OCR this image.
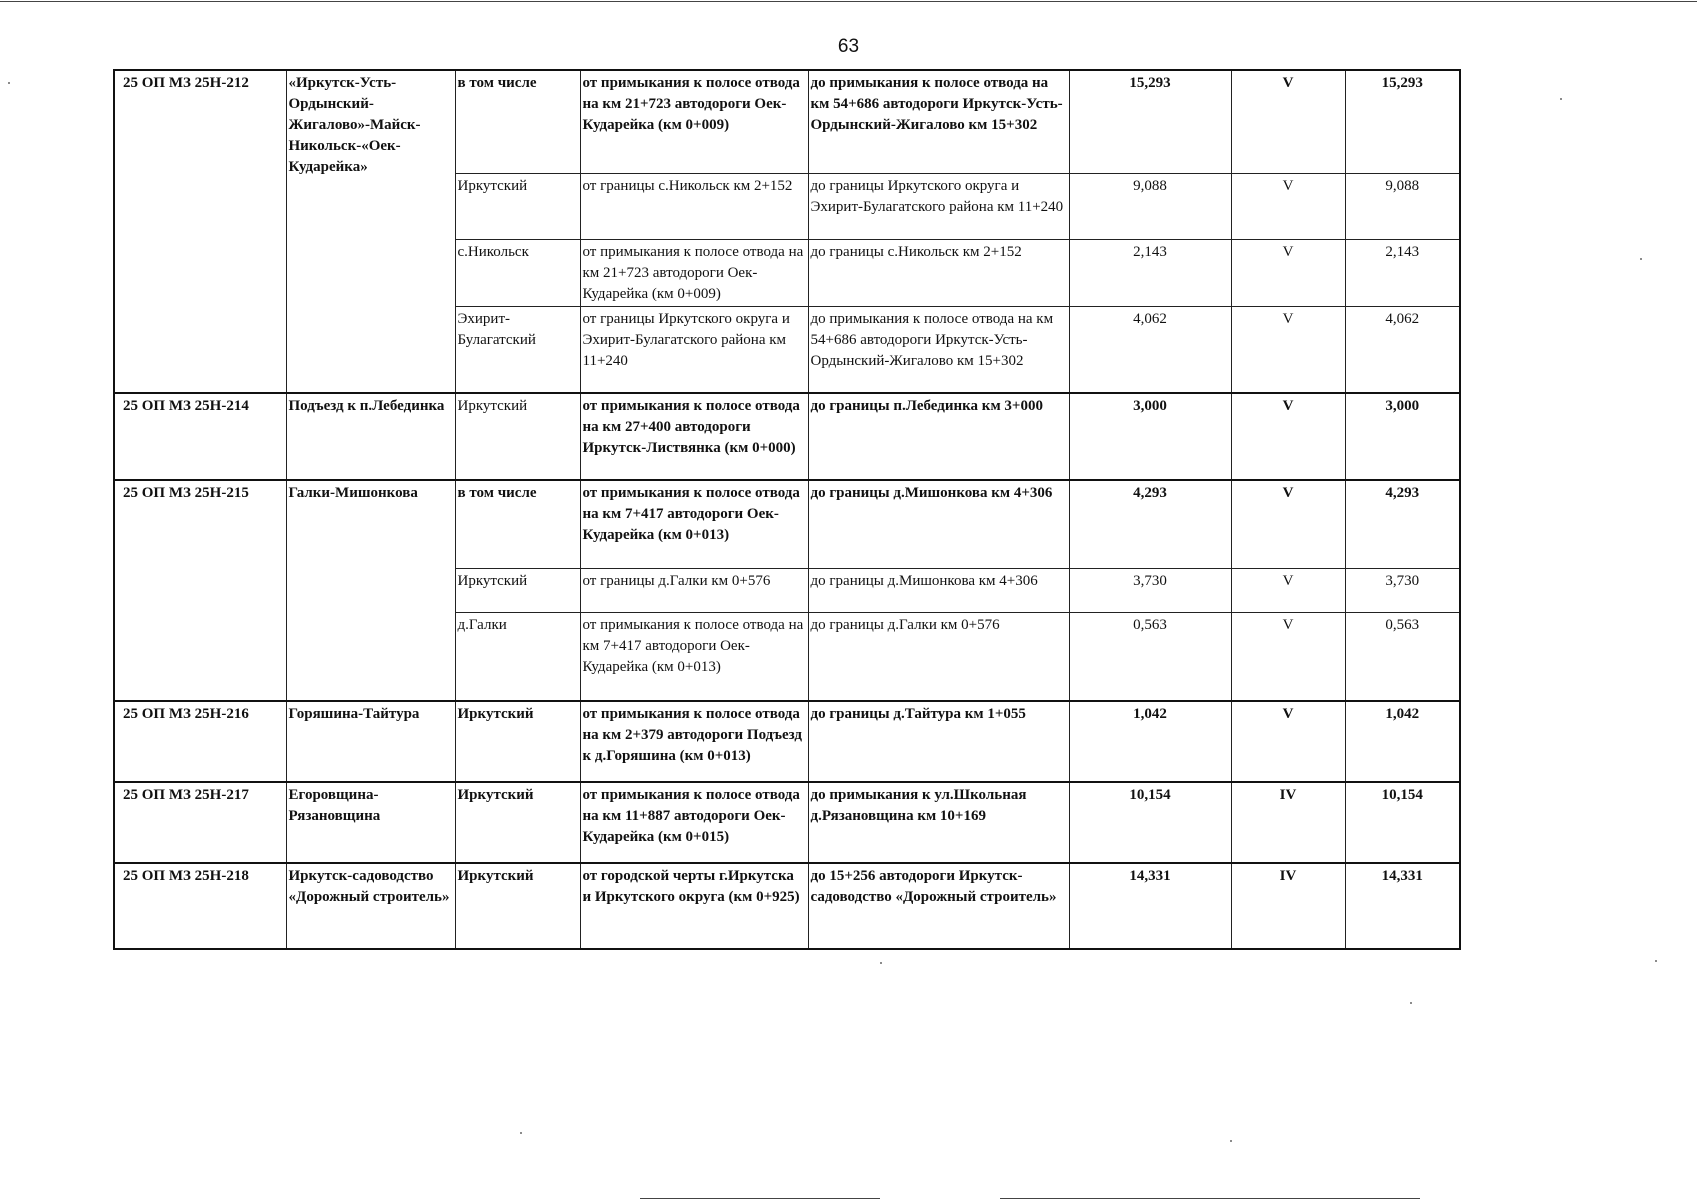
63
25 ОП МЗ 25Н-212	«Иркутск-Усть-Ордынский-Жигалово»-Майск-Никольск-«Оек-Кударейка»	в том числе	от примыкания к полосе отвода на км 21+723 автодороги Оек-Кударейка (км 0+009)	до примыкания к полосе отвода на км 54+686 автодороги Иркутск-Усть-Ордынский-Жигалово км 15+302	15,293	V	15,293
		Иркутский	от границы с.Никольск км 2+152	до границы Иркутского округа и Эхирит-Булагатского района км 11+240	9,088	V	9,088
		с.Никольск	от примыкания к полосе отвода на км 21+723 автодороги Оек-Кударейка (км 0+009)	до границы с.Никольск км 2+152	2,143	V	2,143
		Эхирит-Булагатский	от границы Иркутского округа и Эхирит-Булагатского района км 11+240	до примыкания к полосе отвода на км 54+686 автодороги Иркутск-Усть-Ордынский-Жигалово км 15+302	4,062	V	4,062
25 ОП МЗ 25Н-214	Подъезд к п.Лебединка	Иркутский	от примыкания к полосе отвода на км 27+400 автодороги Иркутск-Листвянка (км 0+000)	до границы п.Лебединка км 3+000	3,000	V	3,000
25 ОП МЗ 25Н-215	Галки-Мишонкова	в том числе	от примыкания к полосе отвода на км 7+417 автодороги Оек-Кударейка (км 0+013)	до границы д.Мишонкова км 4+306	4,293	V	4,293
		Иркутский	от границы д.Галки км 0+576	до границы д.Мишонкова км 4+306	3,730	V	3,730
		д.Галки	от примыкания к полосе отвода на км 7+417 автодороги Оек-Кударейка (км 0+013)	до границы д.Галки км 0+576	0,563	V	0,563
25 ОП МЗ 25Н-216	Горяшина-Тайтура	Иркутский	от примыкания к полосе отвода на км 2+379 автодороги Подъезд к д.Горяшина (км 0+013)	до границы д.Тайтура км 1+055	1,042	V	1,042
25 ОП МЗ 25Н-217	Егоровщина-Рязановщина	Иркутский	от примыкания к полосе отвода на км 11+887 автодороги Оек-Кударейка (км 0+015)	до примыкания к ул.Школьная д.Рязановщина км 10+169	10,154	IV	10,154
25 ОП МЗ 25Н-218	Иркутск-садоводство «Дорожный строитель»	Иркутский	от городской черты г.Иркутска и Иркутского округа (км 0+925)	до 15+256 автодороги Иркутск-садоводство «Дорожный строитель»	14,331	IV	14,331
